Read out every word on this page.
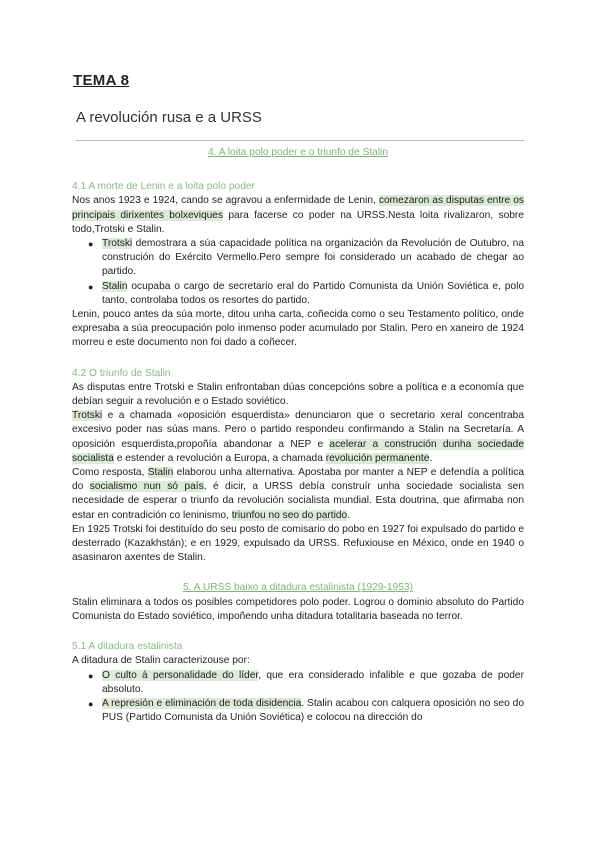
TEMA 8
A revolución rusa e a URSS

4. A loita polo poder e o triunfo de Stalin

4.1 A morte de Lenin e a loita polo poder

Nos anos 1923 e 1924, cando se agravou a enfermidade de Lenin, comezaron as disputas entre os principais dirixentes bolxeviques para facerse co poder na URSS.Nesta loita rivalizaron, sobre todo,Trotski e Stalin.

● Trotski demostrara a súa capacidade política na organización da Revolución de Outubro, na construción do Exército Vermello.Pero sempre foi considerado un acabado de chegar ao partido.
● Stalin ocupaba o cargo de secretario eral do Partido Comunista da Unión Soviética e, polo tanto, controlaba todos os resortes do partido.

Lenin, pouco antes da súa morte, ditou unha carta, coñecida como o seu Testamento político, onde expresaba a súa preocupación polo inmenso poder acumulado por Stalin. Pero en xaneiro de 1924 morreu e este documento non foi dado a coñecer.

4.2 O triunfo de Stalin

As disputas entre Trotski e Stalin enfrontaban dúas concepcións sobre a política e a economía que debían seguir a revolución e o Estado soviético.

Trotski e a chamada «oposición esquerdista» denunciaron que o secretario xeral concentraba excesivo poder nas súas mans. Pero o partido respondeu confirmando a Stalin na Secretaría. A oposición esquerdista,propoñía abandonar a NEP e acelerar a construción dunha sociedade socialista e estender a revolución a Europa, a chamada revolución permanente.

Como resposta, Stalin elaborou unha alternativa. Apostaba por manter a NEP e defendía a política do socialismo nun só país, é dicir, a URSS debía construír unha sociedade socialista sen necesidade de esperar o triunfo da revolución socialista mundial. Esta doutrina, que afirmaba non estar en contradición co leninismo, triunfou no seo do partido.

En 1925 Trotski foi destituído do seu posto de comisario do pobo en 1927 foi expulsado do partido e desterrado (Kazakhstán); e en 1929, expulsado da URSS. Refuxiouse en México, onde en 1940 o asasinaron axentes de Stalin.

5. A URSS baixo a ditadura estalinista (1929-1953)

Stalin eliminara a todos os posibles competidores polo poder. Logrou o dominio absoluto do Partido Comunista do Estado soviético, impoñendo unha ditadura totalitaria baseada no terror.

5.1 A ditadura estalinista

A ditadura de Stalin caracterizouse por:

● O culto á personalidade do líder, que era considerado infalible e que gozaba de poder absoluto.
● A represión e eliminación de toda disidencia. Stalin acabou con calquera oposición no seo do PUS (Partido Comunista da Unión Soviética) e colocou na dirección do
